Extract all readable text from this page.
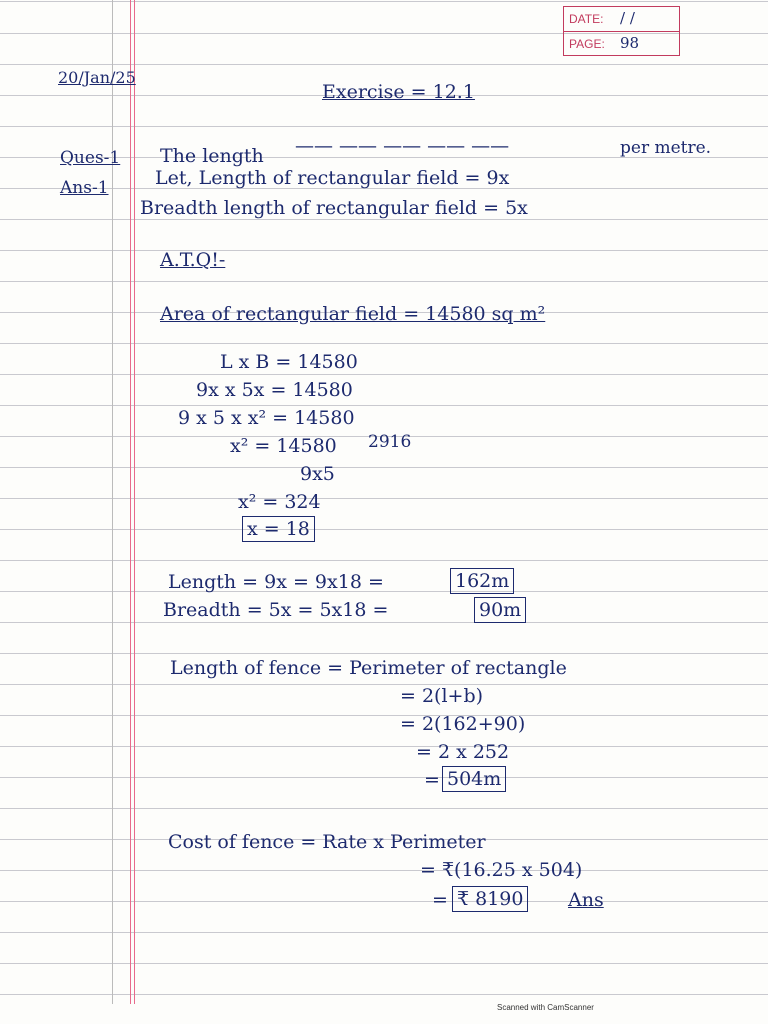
DATE: / /
PAGE: 98
20/Jan/25
Exercise = 12.1
Ques-1 The length —— —— —— —— ——	per metre.
Ans-1 Let, Length of rectangular field = 9x
Breadth length of rectangular field = 5x
A.T.Q!-
Area of rectangular field = 14580 sq m²
L x B = 14580
9x x 5x = 14580
9 x 5 x x² = 14580
x² = 14580 2916
9x5
x² = 324
x = 18
Length = 9x = 9x18 =	162m
Breadth = 5x = 5x18 =	90m
Length of fence = Perimeter of rectangle
= 2(l+b)
= 2(162+90)
= 2 x 252
= 504m
Cost of fence = Rate x Perimeter
= ₹(16.25 x 504)
= ₹ 8190 Ans
Scanned with CamScanner
